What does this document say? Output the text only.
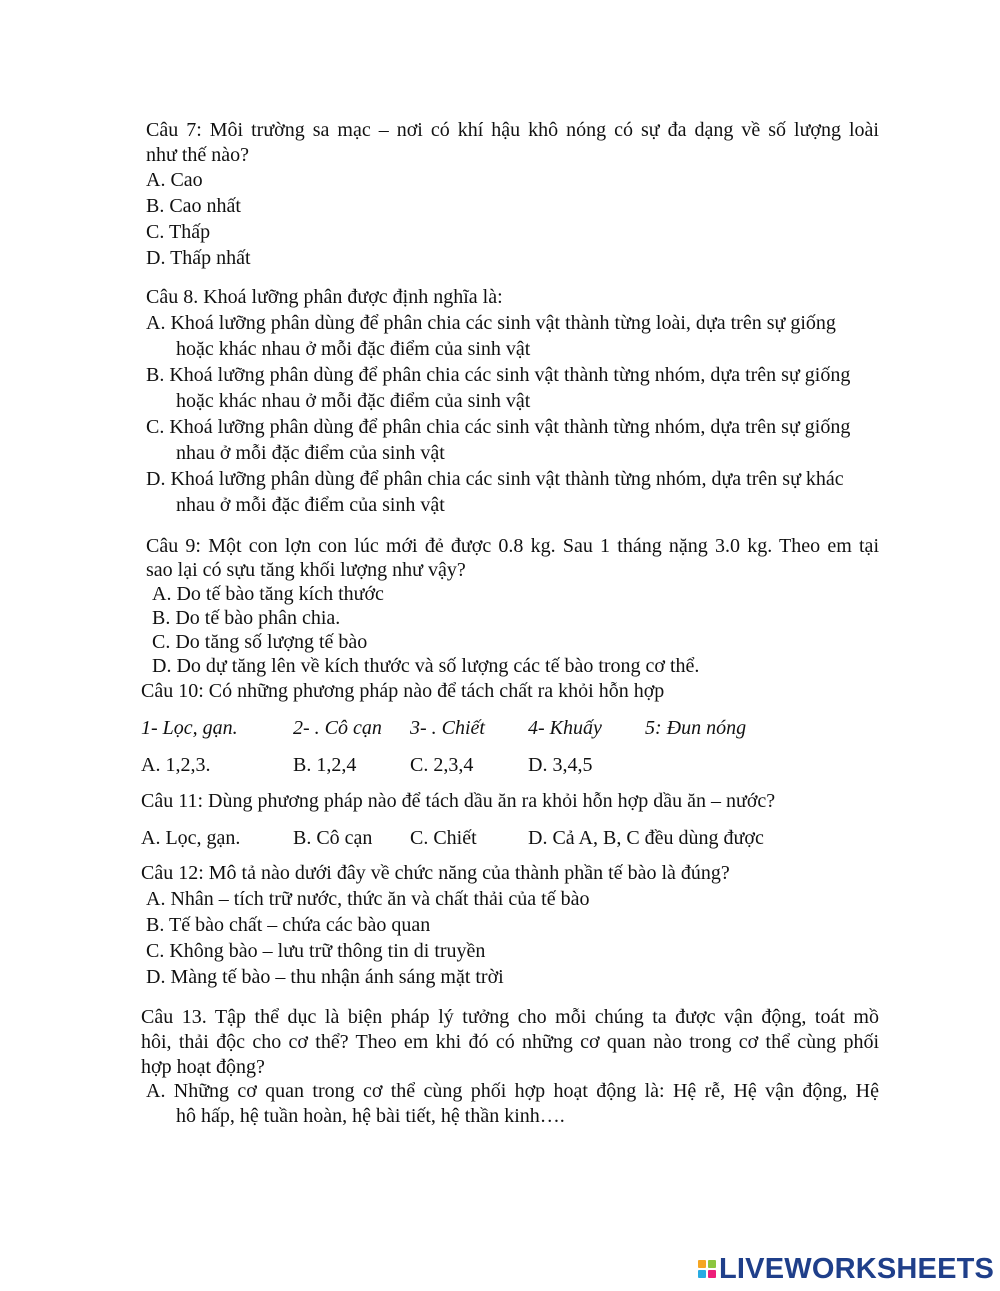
Câu 7: Môi trường sa mạc – nơi có khí hậu khô nóng có sự đa dạng về số lượng loài

như thế nào?

A. Cao

B. Cao nhất

C. Thấp

D. Thấp nhất

Câu 8. Khoá lưỡng phân được định nghĩa là:

A. Khoá lưỡng phân dùng để phân chia các sinh vật thành từng loài, dựa trên sự giống

hoặc khác nhau ở mỗi đặc điểm của sinh vật

B. Khoá lưỡng phân dùng để phân chia các sinh vật thành từng nhóm, dựa trên sự giống

hoặc khác nhau ở mỗi đặc điểm của sinh vật

C. Khoá lưỡng phân dùng để phân chia các sinh vật thành từng nhóm, dựa trên sự giống

nhau ở mỗi đặc điểm của sinh vật

D. Khoá lưỡng phân dùng để phân chia các sinh vật thành từng nhóm, dựa trên sự khác

nhau ở mỗi đặc điểm của sinh vật

Câu 9: Một con lợn con lúc mới đẻ được 0.8 kg. Sau 1 tháng nặng 3.0 kg. Theo em tại

sao lại có sựu tăng khối lượng như vậy?

A. Do tế bào tăng kích thước

B. Do tế bào phân chia.

C. Do tăng số lượng tế bào

D. Do dự tăng lên về kích thước và số lượng các tế bào trong cơ thể.

Câu 10: Có những phương pháp nào để tách chất ra khỏi hỗn hợp

1- Lọc, gạn.	2- . Cô cạn 3- . Chiết 4- Khuấy 5: Đun nóng
A. 1,2,3.	B. 1,2,4	C. 2,3,4	D. 3,4,5

Câu 11: Dùng phương pháp nào để tách dầu ăn ra khỏi hỗn hợp dầu ăn – nước?

A. Lọc, gạn.	B. Cô cạn C. Chiết	D. Cả A, B, C đều dùng được

Câu 12: Mô tả nào dưới đây về chức năng của thành phần tế bào là đúng?

A. Nhân – tích trữ nước, thức ăn và chất thải của tế bào

B. Tế bào chất – chứa các bào quan

C. Không bào – lưu trữ thông tin di truyền

D. Màng tế bào – thu nhận ánh sáng mặt trời

Câu 13. Tập thể dục là biện pháp lý tưởng cho mỗi chúng ta được vận động, toát mồ

hôi, thải độc cho cơ thể? Theo em khi đó có những cơ quan nào trong cơ thể cùng phối

hợp hoạt động?

A. Những cơ quan trong cơ thể cùng phối hợp hoạt động là: Hệ rễ, Hệ vận động, Hệ

hô hấp, hệ tuần hoàn, hệ bài tiết, hệ thần kinh….

LIVEWORKSHEETS
